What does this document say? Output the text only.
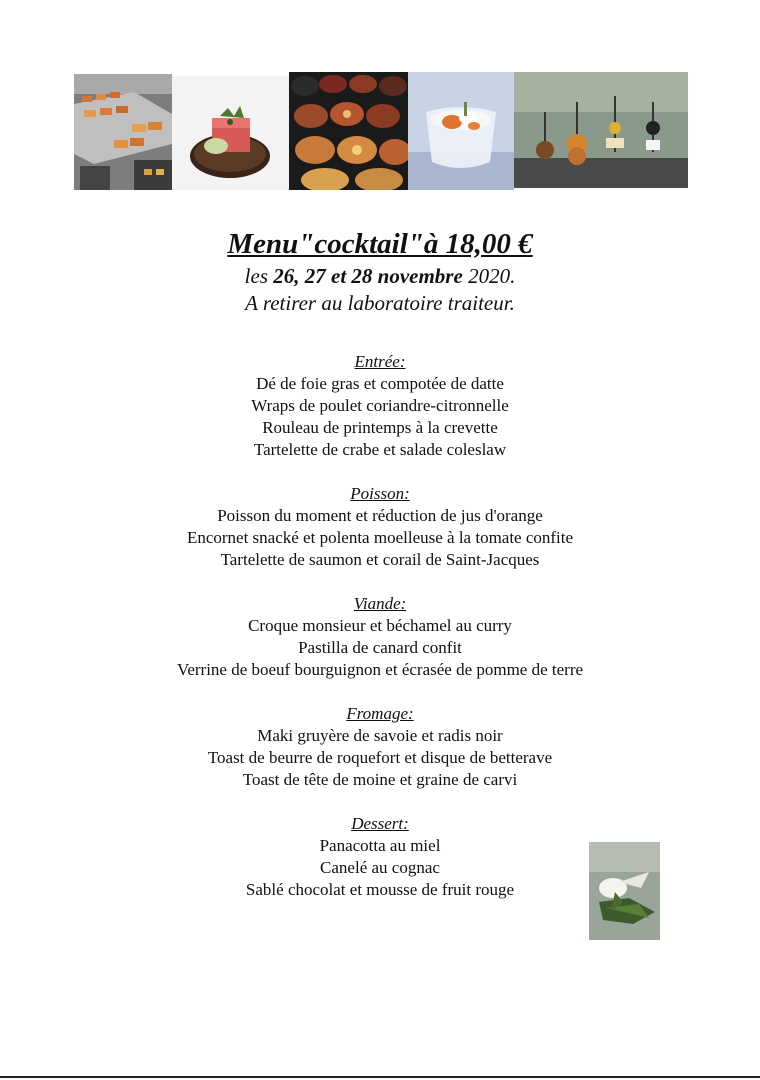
Menu"cocktail"à 18,00 €
les 26, 27 et 28 novembre 2020.
A retirer au laboratoire traiteur.
Entrée:
Dé de foie gras et compotée de datte
Wraps de poulet coriandre-citronnelle
Rouleau de printemps à la crevette
Tartelette de crabe et salade coleslaw
Poisson:
Poisson du moment et réduction de jus d'orange
Encornet snacké et polenta moelleuse à la tomate confite
Tartelette de saumon et corail de Saint-Jacques
Viande:
Croque monsieur et béchamel au curry
Pastilla de canard confit
Verrine de boeuf bourguignon et écrasée de pomme de terre
Fromage:
Maki gruyère de savoie et radis noir
Toast de beurre de roquefort et disque de betterave
Toast de tête de moine et graine de carvi
Dessert:
Panacotta au miel
Canelé au cognac
Sablé chocolat et mousse de fruit rouge
